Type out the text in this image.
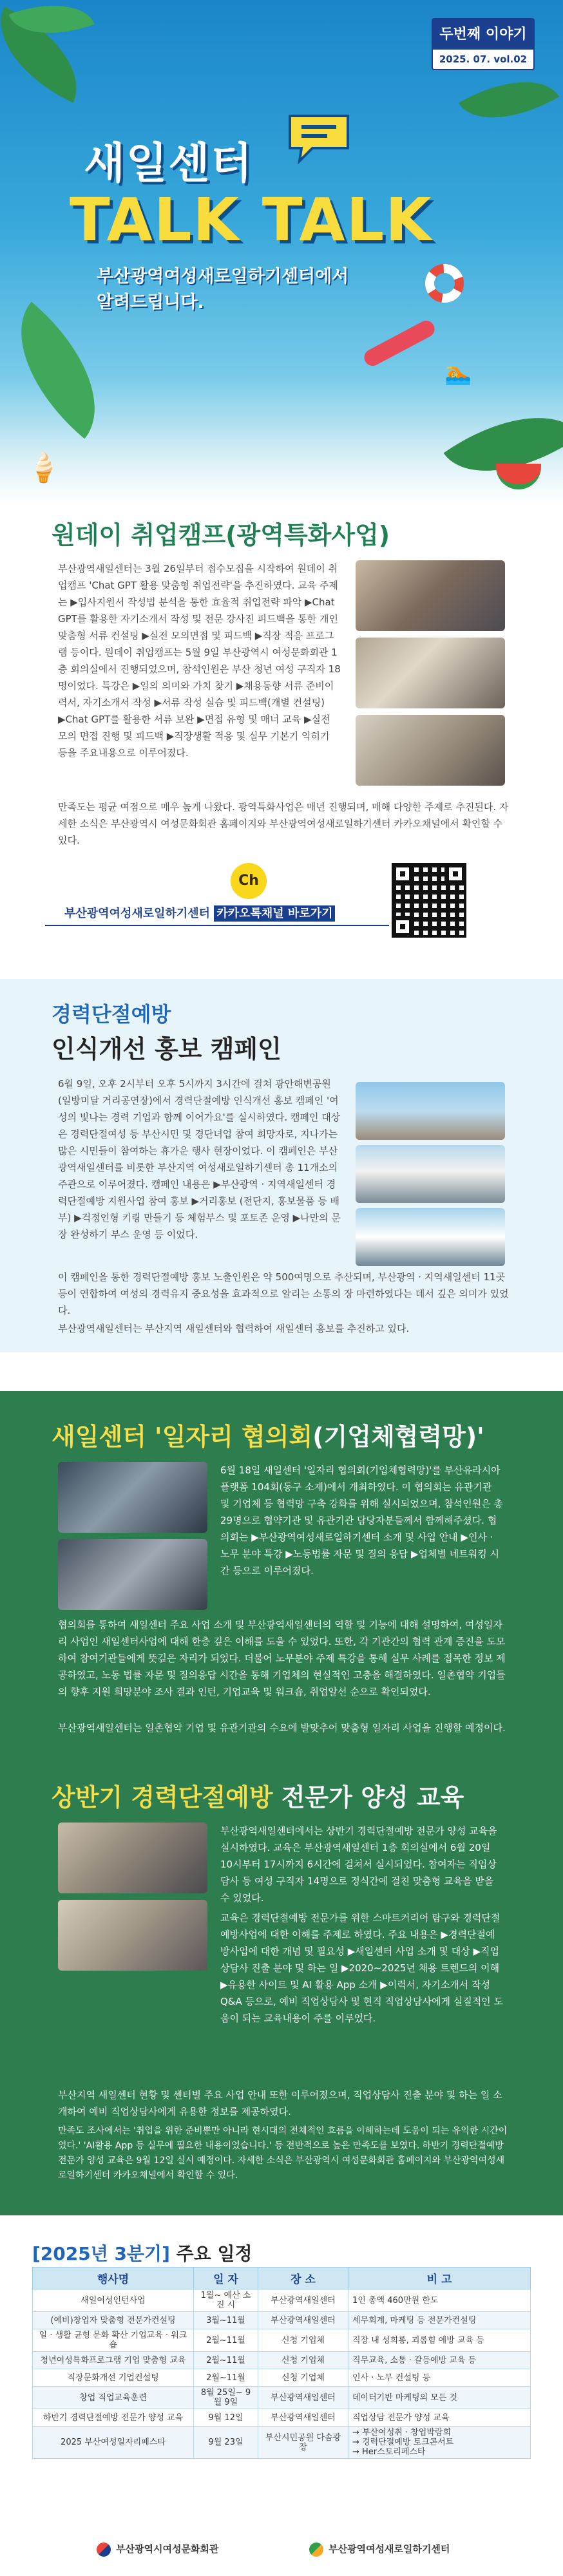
두번째 이야기
2025. 07. vol.02
새일센터
TALK TALK
부산광역여성새로일하기센터에서
알려드립니다.
🏊
🍦
원데이 취업캠프(광역특화사업)
부산광역새일센터는 3월 26일부터 접수모집을 시작하여 원데이 취업캠프 'Chat GPT 활용 맞춤형 취업전략'을 추진하였다. 교육 주제는 ▶입사지원서 작성법 분석을 통한 효율적 취업전략 파악 ▶Chat GPT를 활용한 자기소개서 작성 및 전문 강사진 피드백을 통한 개인 맞춤형 서류 컨설팅 ▶실전 모의면접 및 피드백 ▶직장 적응 프로그램 등이다. 원데이 취업캠프는 5월 9일 부산광역시 여성문화회관 1층 회의실에서 진행되었으며, 참석인원은 부산 청년 여성 구직자 18명이었다. 특강은 ▶일의 의미와 가치 찾기 ▶채용동향 서류 준비이력서, 자기소개서 작성 ▶서류 작성 실습 및 피드백(개별 컨설팅) ▶Chat GPT를 활용한 서류 보완 ▶면접 유형 및 매너 교육 ▶실전 모의 면접 진행 및 피드백 ▶직장생활 적응 및 실무 기본기 익히기 등을 주요내용으로 이루어졌다.
만족도는 평균 여점으로 매우 높게 나왔다. 광역특화사업은 매년 진행되며, 매해 다양한 주제로 추진된다. 자세한 소식은 부산광역시 여성문화회관 홈페이지와 부산광역여성새로일하기센터 카카오채널에서 확인할 수 있다.
Ch
부산광역여성새로일하기센터 카카오톡채널 바로가기
경력단절예방
인식개선 홍보 캠페인
6월 9일, 오후 2시부터 오후 5시까지 3시간에 걸쳐 광안해변공원(일방미달 거리공연장)에서 경력단절예방 인식개선 홍보 캠페인 '여성의 빛나는 경력 기업과 함께 이어가요'를 실시하였다. 캠페인 대상은 경력단절여성 등 부산시민 및 경단녀업 참여 희망자로, 지나가는 많은 시민들이 참여하는 휴가운 행사 현장이었다. 이 캠페인은 부산광역새일센터를 비롯한 부산지역 여성새로일하기센터 총 11개소의 주관으로 이루어졌다. 캠페인 내용은 ▶부산광역 · 지역새일센터 경력단절예방 지원사업 참여 홍보 ▶거리홍보 (전단지, 홍보물품 등 배부) ▶걱정인형 키링 만들기 등 체험부스 및 포토존 운영 ▶나만의 문장 완성하기 부스 운영 등 이었다.
이 캠페인을 통한 경력단절예방 홍보 노출인원은 약 500여명으로 추산되며, 부산광역 · 지역새일센터 11곳 등이 연합하여 여성의 경력유지 중요성을 효과적으로 알리는 소통의 장 마련하였다는 데서 깊은 의미가 있었다.
부산광역새일센터는 부산지역 새일센터와 협력하여 새일센터 홍보를 추진하고 있다.
새일센터 '일자리 협의회(기업체협력망)'
6월 18일 새일센터 '일자리 협의회(기업체협력망)'를 부산유라시아플랫폼 104회(동구 소재)에서 개최하였다. 이 협의회는 유관기관 및 기업체 등 협력망 구축 강화를 위해 실시되었으며, 참석인원은 총 29명으로 협약기관 및 유관기관 담당자분들께서 함께해주셨다. 협의회는 ▶부산광역여성새로일하기센터 소개 및 사업 안내 ▶인사 · 노무 분야 특강 ▶노동법률 자문 및 질의 응답 ▶업체별 네트워킹 시간 등으로 이루어졌다.
협의회를 통하여 새일센터 주요 사업 소개 및 부산광역새일센터의 역할 및 기능에 대해 설명하여, 여성일자리 사업인 새일센터사업에 대해 한층 깊은 이해를 도울 수 있었다. 또한, 각 기관간의 협력 관계 증진을 도모하여 참여기관들에게 뜻깊은 자리가 되었다. 더불어 노무분야 주제 특강을 통해 실무 사례를 접목한 정보 제공하였고, 노동 법률 자문 및 질의응답 시간을 통해 기업체의 현실적인 고충을 해결하였다. 일촌협약 기업들의 향후 지원 희망분야 조사 결과 인턴, 기업교육 및 워크숍, 취업알선 순으로 확인되었다.
부산광역새일센터는 일촌협약 기업 및 유관기관의 수요에 발맞추어 맞춤형 일자리 사업을 진행할 예정이다.
상반기 경력단절예방 전문가 양성 교육
부산광역새일센터에서는 상반기 경력단절예방 전문가 양성 교육을 실시하였다. 교육은 부산광역새일센터 1층 회의실에서 6월 20일 10시부터 17시까지 6시간에 걸쳐서 실시되었다. 참여자는 직업상담사 등 여성 구직자 14명으로 정식간에 걸친 맞춤형 교육을 받을 수 있었다.
교육은 경력단절예방 전문가를 위한 스마트커리어 탐구와 경력단절예방사업에 대한 이해를 주제로 하였다. 주요 내용은 ▶경력단절예방사업에 대한 개념 및 필요성 ▶새일센터 사업 소개 및 대상 ▶직업상담사 진출 분야 및 하는 일 ▶2020~2025년 채용 트렌드의 이해 ▶유용한 사이트 및 AI 활용 App 소개 ▶이력서, 자기소개서 작성 Q&A 등으로, 예비 직업상담사 및 현직 직업상담사에게 실질적인 도움이 되는 교육내용이 주를 이루었다.
부산지역 새일센터 현황 및 센터별 주요 사업 안내 또한 이루어졌으며, 직업상담사 진출 분야 및 하는 일 소개하여 예비 직업상담사에게 유용한 정보를 제공하였다.
만족도 조사에서는 '취업을 위한 준비뿐만 아니라 현시대의 전체적인 흐름을 이해하는데 도움이 되는 유익한 시간이었다.' 'AI활용 App 등 실무에 필요한 내용이었습니다.' 등 전반적으로 높은 만족도를 보였다. 하반기 경력단절예방 전문가 양성 교육은 9월 12일 실시 예정이다. 자세한 소식은 부산광역시 여성문화회관 홈페이지와 부산광역여성새로일하기센터 카카오채널에서 확인할 수 있다.
[2025년 3분기] 주요 일정
행사명	일 자	장 소	비 고
새일여성인턴사업	1월~ 예산 소진 시	부산광역새일센터	1인 총액 460만원 한도
(예비)창업자 맞춤형 전문가컨설팅	3월~11월	부산광역새일센터	세무회계, 마케팅 등 전문가컨설팅
일 · 생활 균형 문화 확산 기업교육 · 워크숍	2월~11월	신청 기업체	직장 내 성희롱, 괴롭힘 예방 교육 등
청년여성특화프로그램 기업 맞춤형 교육	2월~11월	신청 기업체	직무교육, 소통 · 갈등예방 교육 등
직장문화개선 기업컨설팅	2월~11월	신청 기업체	인사 · 노무 컨설팅 등
창업 직업교육훈련	8월 25일~ 9월 9일	부산광역새일센터	데이터기반 마케팅의 모든 것
하반기 경력단절예방 전문가 양성 교육	9월 12일	부산광역새일센터	직업상담 전문가 양성 교육
2025 부산여성일자리페스타	9월 23일	부산시민공원 다솜광장	→ 부산여성취 · 창업박람회
→ 경력단절예방 토크콘서트
→ Her스토리페스타
부산광역시여성문화회관	부산광역여성새로일하기센터
